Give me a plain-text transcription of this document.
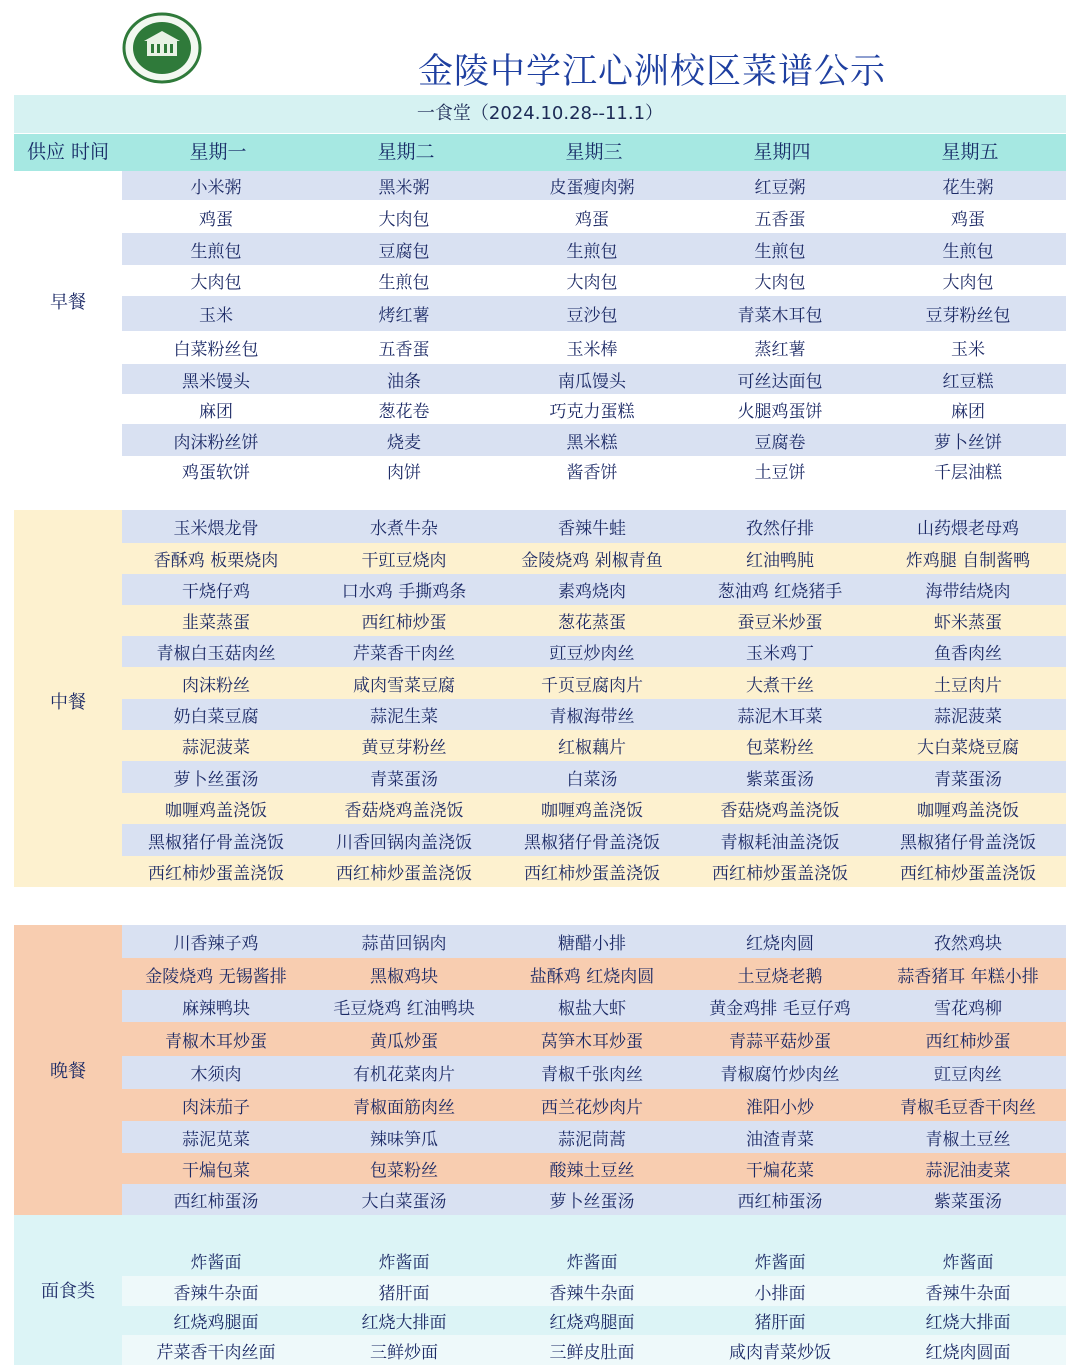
金陵中学江心洲校区菜谱公示
一食堂（2024.10.28--11.1）
供应 时间	星期一	星期二	星期三	星期四	星期五
早餐
小米粥	黑米粥	皮蛋瘦肉粥	红豆粥	花生粥
鸡蛋	大肉包	鸡蛋	五香蛋	鸡蛋
生煎包	豆腐包	生煎包	生煎包	生煎包
大肉包	生煎包	大肉包	大肉包	大肉包
玉米	烤红薯	豆沙包	青菜木耳包	豆芽粉丝包
白菜粉丝包	五香蛋	玉米棒	蒸红薯	玉米
黑米馒头	油条	南瓜馒头	可丝达面包	红豆糕
麻团	葱花卷	巧克力蛋糕	火腿鸡蛋饼	麻团
肉沫粉丝饼	烧麦	黑米糕	豆腐卷	萝卜丝饼
鸡蛋软饼	肉饼	酱香饼	土豆饼	千层油糕
中餐
玉米煨龙骨	水煮牛杂	香辣牛蛙	孜然仔排	山药煨老母鸡
香酥鸡 板栗烧肉	干豇豆烧肉	金陵烧鸡 剁椒青鱼	红油鸭肫	炸鸡腿 自制酱鸭
干烧仔鸡	口水鸡 手撕鸡条	素鸡烧肉	葱油鸡 红烧猪手	海带结烧肉
韭菜蒸蛋	西红柿炒蛋	葱花蒸蛋	蚕豆米炒蛋	虾米蒸蛋
青椒白玉菇肉丝	芹菜香干肉丝	豇豆炒肉丝	玉米鸡丁	鱼香肉丝
肉沫粉丝	咸肉雪菜豆腐	千页豆腐肉片	大煮干丝	土豆肉片
奶白菜豆腐	蒜泥生菜	青椒海带丝	蒜泥木耳菜	蒜泥菠菜
蒜泥菠菜	黄豆芽粉丝	红椒藕片	包菜粉丝	大白菜烧豆腐
萝卜丝蛋汤	青菜蛋汤	白菜汤	紫菜蛋汤	青菜蛋汤
咖喱鸡盖浇饭	香菇烧鸡盖浇饭	咖喱鸡盖浇饭	香菇烧鸡盖浇饭	咖喱鸡盖浇饭
黑椒猪仔骨盖浇饭	川香回锅肉盖浇饭	黑椒猪仔骨盖浇饭	青椒耗油盖浇饭	黑椒猪仔骨盖浇饭
西红柿炒蛋盖浇饭	西红柿炒蛋盖浇饭	西红柿炒蛋盖浇饭	西红柿炒蛋盖浇饭	西红柿炒蛋盖浇饭
晚餐
川香辣子鸡	蒜苗回锅肉	糖醋小排	红烧肉圆	孜然鸡块
金陵烧鸡 无锡酱排	黑椒鸡块	盐酥鸡 红烧肉圆	土豆烧老鹅	蒜香猪耳 年糕小排
麻辣鸭块	毛豆烧鸡 红油鸭块	椒盐大虾	黄金鸡排 毛豆仔鸡	雪花鸡柳
青椒木耳炒蛋	黄瓜炒蛋	莴笋木耳炒蛋	青蒜平菇炒蛋	西红柿炒蛋
木须肉	有机花菜肉片	青椒千张肉丝	青椒腐竹炒肉丝	豇豆肉丝
肉沫茄子	青椒面筋肉丝	西兰花炒肉片	淮阳小炒	青椒毛豆香干肉丝
蒜泥苋菜	辣味笋瓜	蒜泥茼蒿	油渣青菜	青椒土豆丝
干煸包菜	包菜粉丝	酸辣土豆丝	干煸花菜	蒜泥油麦菜
西红柿蛋汤	大白菜蛋汤	萝卜丝蛋汤	西红柿蛋汤	紫菜蛋汤
面食类
炸酱面	炸酱面	炸酱面	炸酱面	炸酱面
香辣牛杂面	猪肝面	香辣牛杂面	小排面	香辣牛杂面
红烧鸡腿面	红烧大排面	红烧鸡腿面	猪肝面	红烧大排面
芹菜香干肉丝面	三鲜炒面	三鲜皮肚面	咸肉青菜炒饭	红烧肉圆面
